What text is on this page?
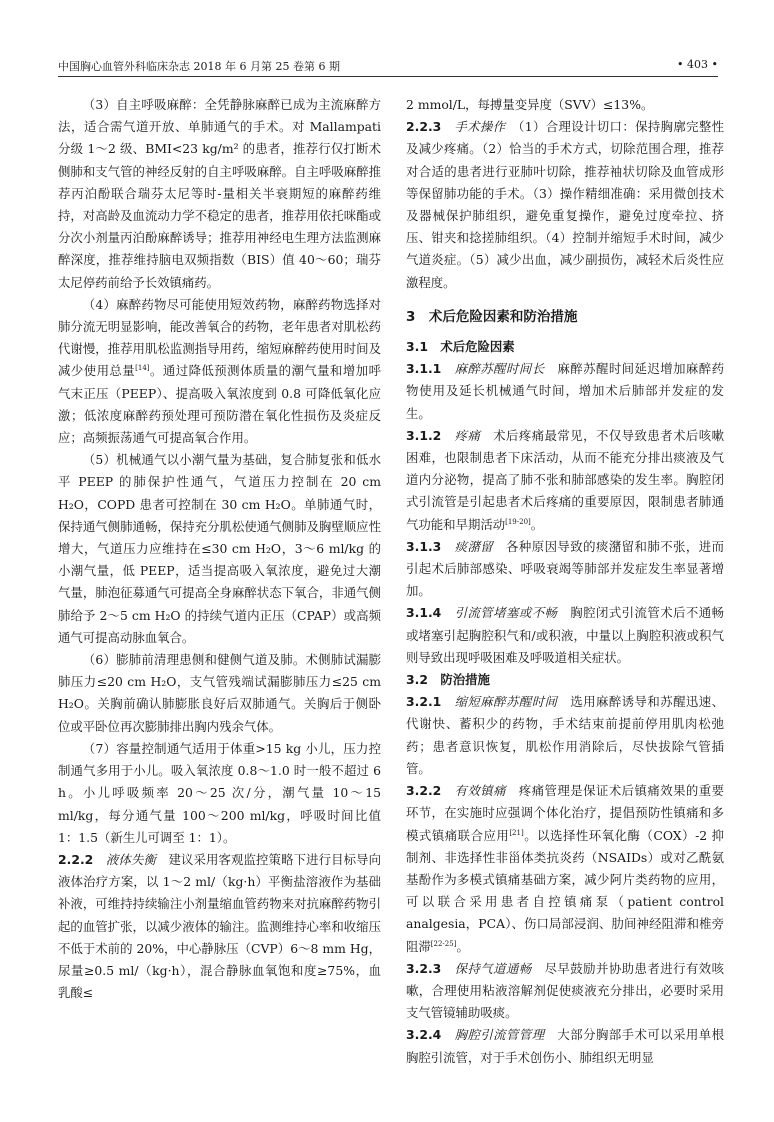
中国胸心血管外科临床杂志 2018 年 6 月第 25 卷第 6 期	• 403 •

（3）自主呼吸麻醉：全凭静脉麻醉已成为主流麻醉方法，适合需气道开放、单肺通气的手术。对 Mallampati 分级 1～2 级、BMI<23 kg/m² 的患者，推荐行仅打断术侧肺和支气管的神经反射的自主呼吸麻醉。自主呼吸麻醉推荐丙泊酚联合瑞芬太尼等时-量相关半衰期短的麻醉药维持，对高龄及血流动力学不稳定的患者，推荐用依托咪酯或分次小剂量丙泊酚麻醉诱导；推荐用神经电生理方法监测麻醉深度，推荐维持脑电双频指数（BIS）值 40～60；瑞芬太尼停药前给予长效镇痛药。

（4）麻醉药物尽可能使用短效药物，麻醉药物选择对肺分流无明显影响，能改善氧合的药物，老年患者对肌松药代谢慢，推荐用肌松监测指导用药，缩短麻醉药使用时间及减少使用总量[14]。通过降低预测体质量的潮气量和增加呼气末正压（PEEP）、提高吸入氧浓度到 0.8 可降低氧化应激；低浓度麻醉药预处理可预防潜在氧化性损伤及炎症反应；高频振荡通气可提高氧合作用。

（5）机械通气以小潮气量为基础，复合肺复张和低水平 PEEP 的肺保护性通气，气道压力控制在 20 cm H₂O，COPD 患者可控制在 30 cm H₂O。单肺通气时，保持通气侧肺通畅，保持充分肌松使通气侧肺及胸壁顺应性增大，气道压力应维持在≤30 cm H₂O，3～6 ml/kg 的小潮气量，低 PEEP，适当提高吸入氧浓度，避免过大潮气量，肺泡征募通气可提高全身麻醉状态下氧合，非通气侧肺给予 2～5 cm H₂O 的持续气道内正压（CPAP）或高频通气可提高动脉血氧合。

（6）膨肺前清理患侧和健侧气道及肺。术侧肺试漏膨肺压力≤20 cm H₂O，支气管残端试漏膨肺压力≤25 cm H₂O。关胸前确认肺膨胀良好后双肺通气。关胸后于侧卧位或平卧位再次膨肺排出胸内残余气体。

（7）容量控制通气适用于体重>15 kg 小儿，压力控制通气多用于小儿。吸入氧浓度 0.8～1.0 时一般不超过 6 h。小儿呼吸频率 20～25 次/分，潮气量 10～15 ml/kg，每分通气量 100～200 ml/kg，呼吸时间比值 1：1.5（新生儿可调至 1：1）。

2.2.2　 液体失衡　 建议采用客观监控策略下进行目标导向液体治疗方案，以 1～2 ml/（kg·h）平衡盐溶液作为基础补液，可维持持续输注小剂量缩血管药物来对抗麻醉药物引起的血管扩张，以减少液体的输注。监测维持心率和收缩压不低于术前的 20%，中心静脉压（CVP）6～8 mm Hg，尿量≥0.5 ml/（kg·h），混合静脉血氧饱和度≥75%，血乳酸≤

2 mmol/L，每搏量变异度（SVV）≤13%。

2.2.3　 手术操作　 （1）合理设计切口：保持胸廓完整性及减少疼痛。（2）恰当的手术方式，切除范围合理，推荐对合适的患者进行亚肺叶切除，推荐袖状切除及血管成形等保留肺功能的手术。（3）操作精细准确：采用微创技术及器械保护肺组织，避免重复操作，避免过度牵拉、挤压、钳夹和捻搓肺组织。（4）控制并缩短手术时间，减少气道炎症。（5）减少出血，减少副损伤，减轻术后炎性应激程度。

3　术后危险因素和防治措施

3.1　术后危险因素

3.1.1　 麻醉苏醒时间长　 麻醉苏醒时间延迟增加麻醉药物使用及延长机械通气时间，增加术后肺部并发症的发生。

3.1.2　 疼痛　 术后疼痛最常见，不仅导致患者术后咳嗽困难，也限制患者下床活动，从而不能充分排出痰液及气道内分泌物，提高了肺不张和肺部感染的发生率。胸腔闭式引流管是引起患者术后疼痛的重要原因，限制患者肺通气功能和早期活动[19-20]。

3.1.3　 痰潴留　 各种原因导致的痰潴留和肺不张，进而引起术后肺部感染、呼吸衰竭等肺部并发症发生率显著增加。

3.1.4　 引流管堵塞或不畅　 胸腔闭式引流管术后不通畅或堵塞引起胸腔积气和/或积液，中量以上胸腔积液或积气则导致出现呼吸困难及呼吸道相关症状。

3.2　防治措施

3.2.1　 缩短麻醉苏醒时间　 选用麻醉诱导和苏醒迅速、代谢快、蓄积少的药物，手术结束前提前停用肌肉松弛药；患者意识恢复，肌松作用消除后，尽快拔除气管插管。

3.2.2　 有效镇痛　 疼痛管理是保证术后镇痛效果的重要环节，在实施时应强调个体化治疗，提倡预防性镇痛和多模式镇痛联合应用[21]。以选择性环氧化酶（COX）-2 抑制剂、非选择性非甾体类抗炎药（NSAIDs）或对乙酰氨基酚作为多模式镇痛基础方案，减少阿片类药物的应用，可以联合采用患者自控镇痛泵（patient control analgesia，PCA）、伤口局部浸润、肋间神经阻滞和椎旁阻滞[22-25]。

3.2.3　 保持气道通畅　 尽早鼓励并协助患者进行有效咳嗽，合理使用粘液溶解剂促使痰液充分排出，必要时采用支气管镜辅助吸痰。

3.2.4　 胸腔引流管管理　 大部分胸部手术可以采用单根胸腔引流管，对于手术创伤小、肺组织无明显
